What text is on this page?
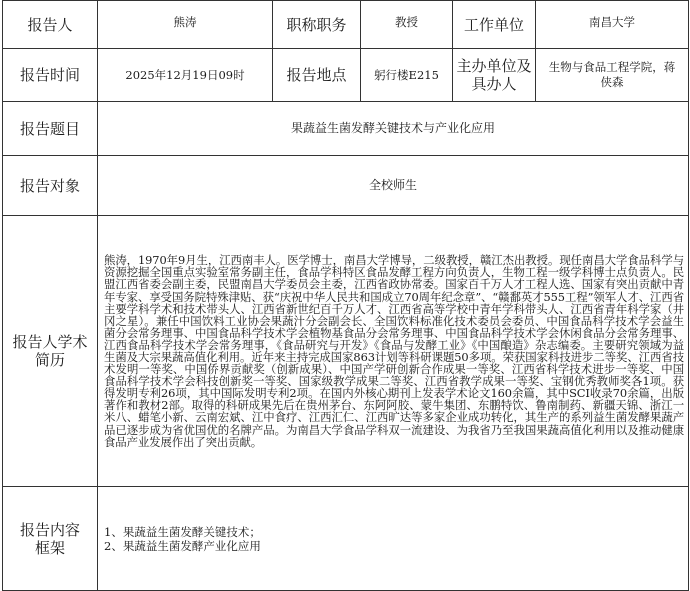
报告人	熊涛	职称职务	教授	工作单位	南昌大学
报告时间	2025年12月19日09时	报告地点	躬行楼E215	主办单位及具办人	生物与食品工程学院，蒋侠森
报告题目	果蔬益生菌发酵关键技术与产业化应用				
报告对象	全校师生				
报告人学术简历	熊涛，1970年9月生，江西南丰人。医学博士，南昌大学博导，二级教授，赣江杰出教授。现任南昌大学食品科学与资源挖掘全国重点实验室常务副主任，食品学科特区食品发酵工程方向负责人，生物工程一级学科博士点负责人。民盟江西省委会副主委，民盟南昌大学委员会主委，江西省政协常委。国家百千万人才工程人选、国家有突出贡献中青年专家、享受国务院特殊津贴、获“庆祝中华人民共和国成立70周年纪念章”、“赣鄱英才555工程”领军人才、江西省主要学科学术和技术带头人、江西省新世纪百千万人才、江西省高等学校中青年学科带头人、江西省青年科学家（井冈之星）。兼任中国饮料工业协会果蔬汁分会副会长、全国饮料标准化技术委员会委员、中国食品科学技术学会益生菌分会常务理事、中国食品科学技术学会植物基食品分会常务理事、中国食品科学技术学会休闲食品分会常务理事、江西食品科学技术学会常务理事，《食品研究与开发》《食品与发酵工业》《中国酿造》杂志编委。主要研究领域为益生菌及大宗果蔬高值化利用。近年来主持完成国家863计划等科研课题50多项。荣获国家科技进步二等奖、江西省技术发明一等奖、中国侨界贡献奖（创新成果）、中国产学研创新合作成果一等奖、江西省科学技术进步一等奖、中国食品科学技术学会科技创新奖一等奖、国家级教学成果二等奖、江西省教学成果一等奖、宝钢优秀教师奖各1项。获得发明专利26项，其中国际发明专利2项。在国内外核心期刊上发表学术论文160余篇，其中SCI收录70余篇，出版著作和教材2部。取得的科研成果先后在贵州茅台、东阿阿胶、蒙牛集团、东鹏特饮、鲁南制药、新疆天锦、浙江一米八、蜡笔小新、云南宏斌、江中食疗、江西汇仁、江西旷达等多家企业成功转化，其生产的系列益生菌发酵果蔬产品已逐步成为省优国优的名牌产品。为南昌大学食品学科双一流建设、为我省乃至我国果蔬高值化利用以及推动健康食品产业发展作出了突出贡献。				
报告内容框架	1、果蔬益生菌发酵关键技术；
2、果蔬益生菌发酵产业化应用				
